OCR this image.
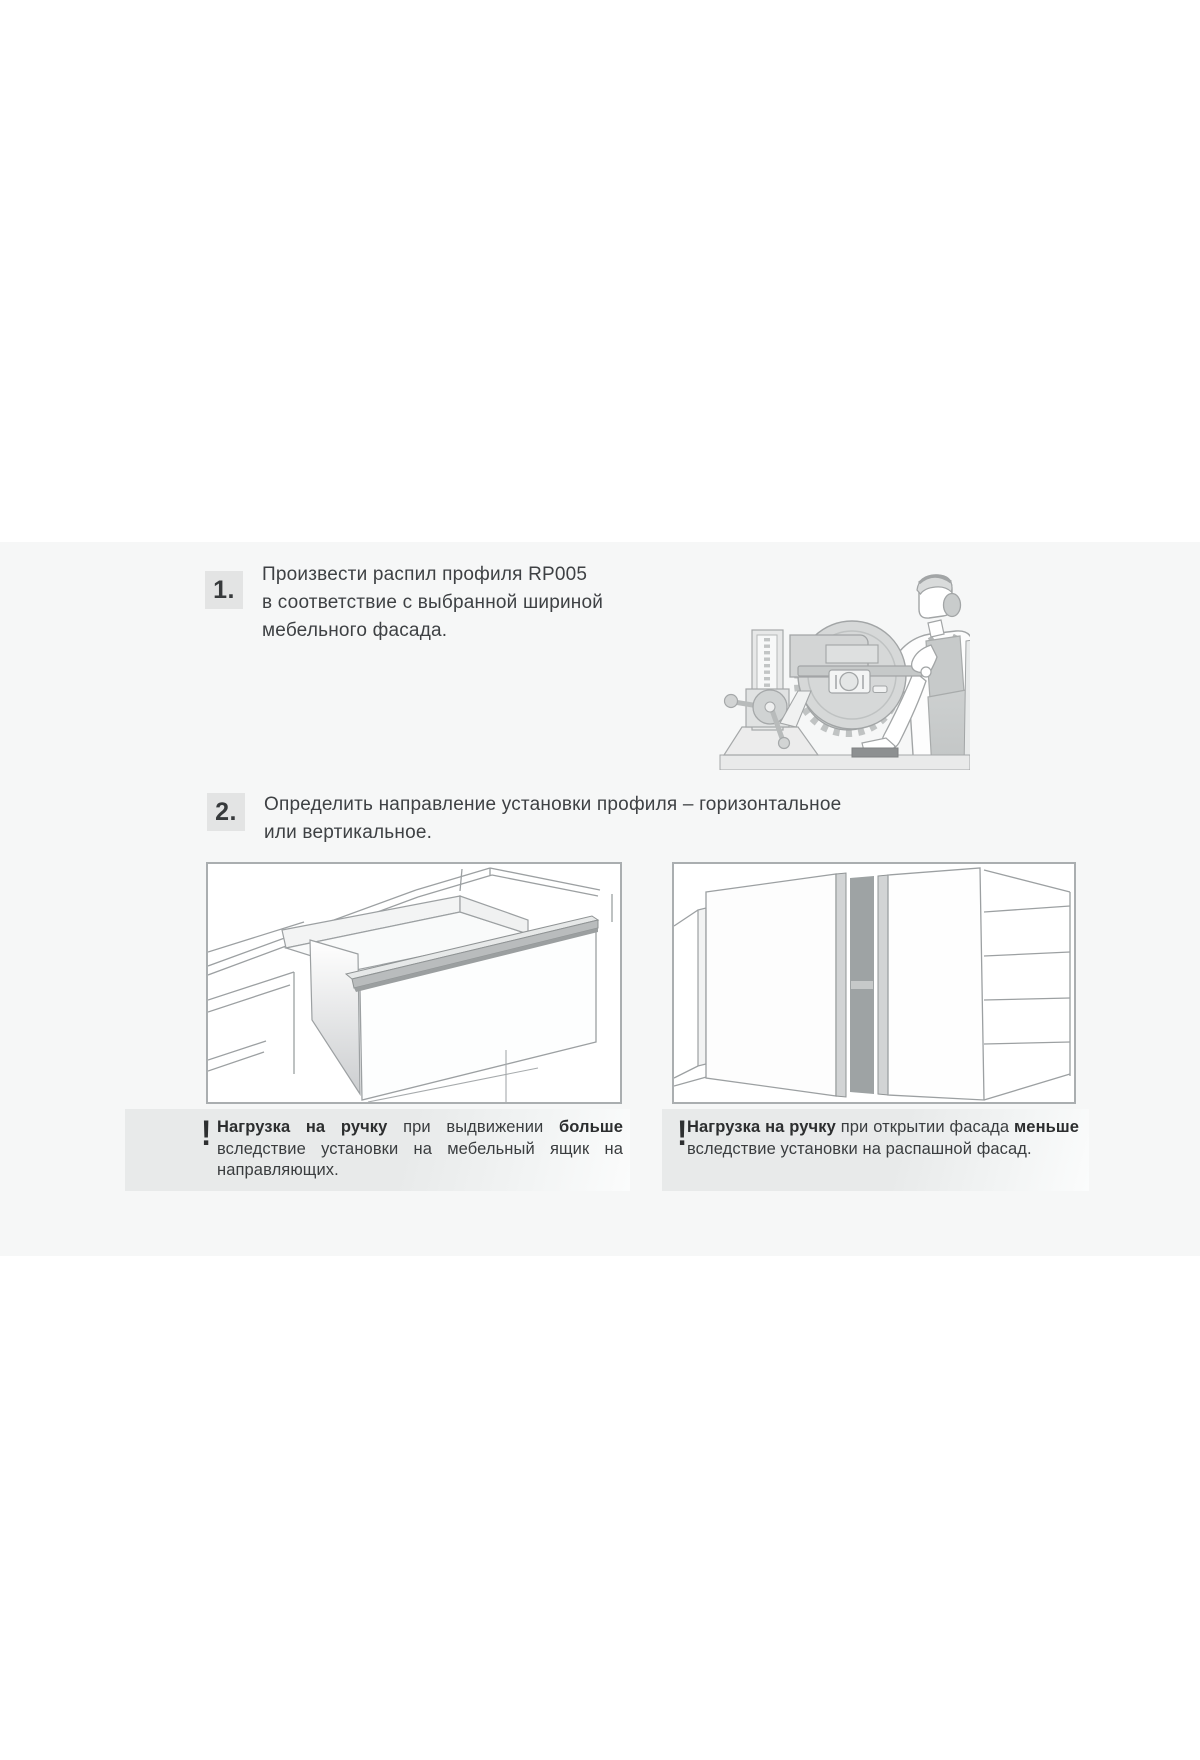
1.
Произвести распил профиля RP005
в соответствие с выбранной шириной
мебельного фасада.
2. Определить направление установки профиля – горизонтальное
или вертикальное.
! Нагрузка на ручку при выдвижении больше вследствие установки на мебельный ящик на направляющих.
! Нагрузка на ручку при открытии фасада меньше вследствие установки на распашной фасад.
